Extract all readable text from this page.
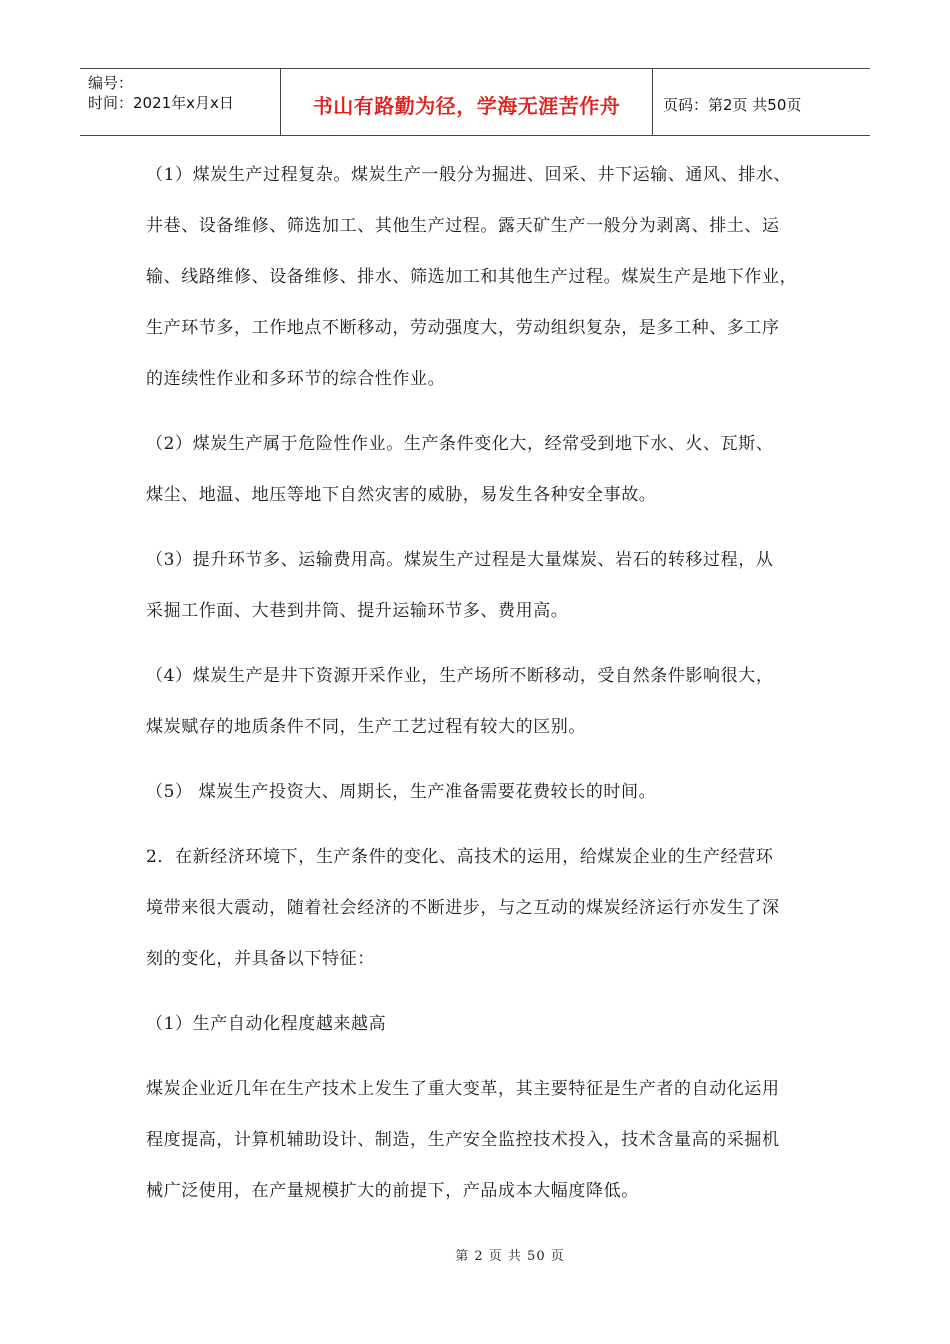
编号：
时间：2021年x月x日	书山有路勤为径，学海无涯苦作舟	页码：第2页 共50页

（1）煤炭生产过程复杂。煤炭生产一般分为掘进、回采、井下运输、通风、排水、

井巷、设备维修、筛选加工、其他生产过程。露天矿生产一般分为剥离、排土、运

输、线路维修、设备维修、排水、筛选加工和其他生产过程。煤炭生产是地下作业，

生产环节多，工作地点不断移动，劳动强度大，劳动组织复杂，是多工种、多工序

的连续性作业和多环节的综合性作业。

（2）煤炭生产属于危险性作业。生产条件变化大，经常受到地下水、火、瓦斯、

煤尘、地温、地压等地下自然灾害的威胁，易发生各种安全事故。

（3）提升环节多、运输费用高。煤炭生产过程是大量煤炭、岩石的转移过程，从

采掘工作面、大巷到井筒、提升运输环节多、费用高。

（4）煤炭生产是井下资源开采作业，生产场所不断移动，受自然条件影响很大，

煤炭赋存的地质条件不同，生产工艺过程有较大的区别。

（5） 煤炭生产投资大、周期长，生产准备需要花费较长的时间。

2．在新经济环境下，生产条件的变化、高技术的运用，给煤炭企业的生产经营环

境带来很大震动，随着社会经济的不断进步，与之互动的煤炭经济运行亦发生了深

刻的变化，并具备以下特征：

（1）生产自动化程度越来越高

煤炭企业近几年在生产技术上发生了重大变革，其主要特征是生产者的自动化运用

程度提高，计算机辅助设计、制造，生产安全监控技术投入，技术含量高的采掘机

械广泛使用，在产量规模扩大的前提下，产品成本大幅度降低。

第 2 页 共 50 页
